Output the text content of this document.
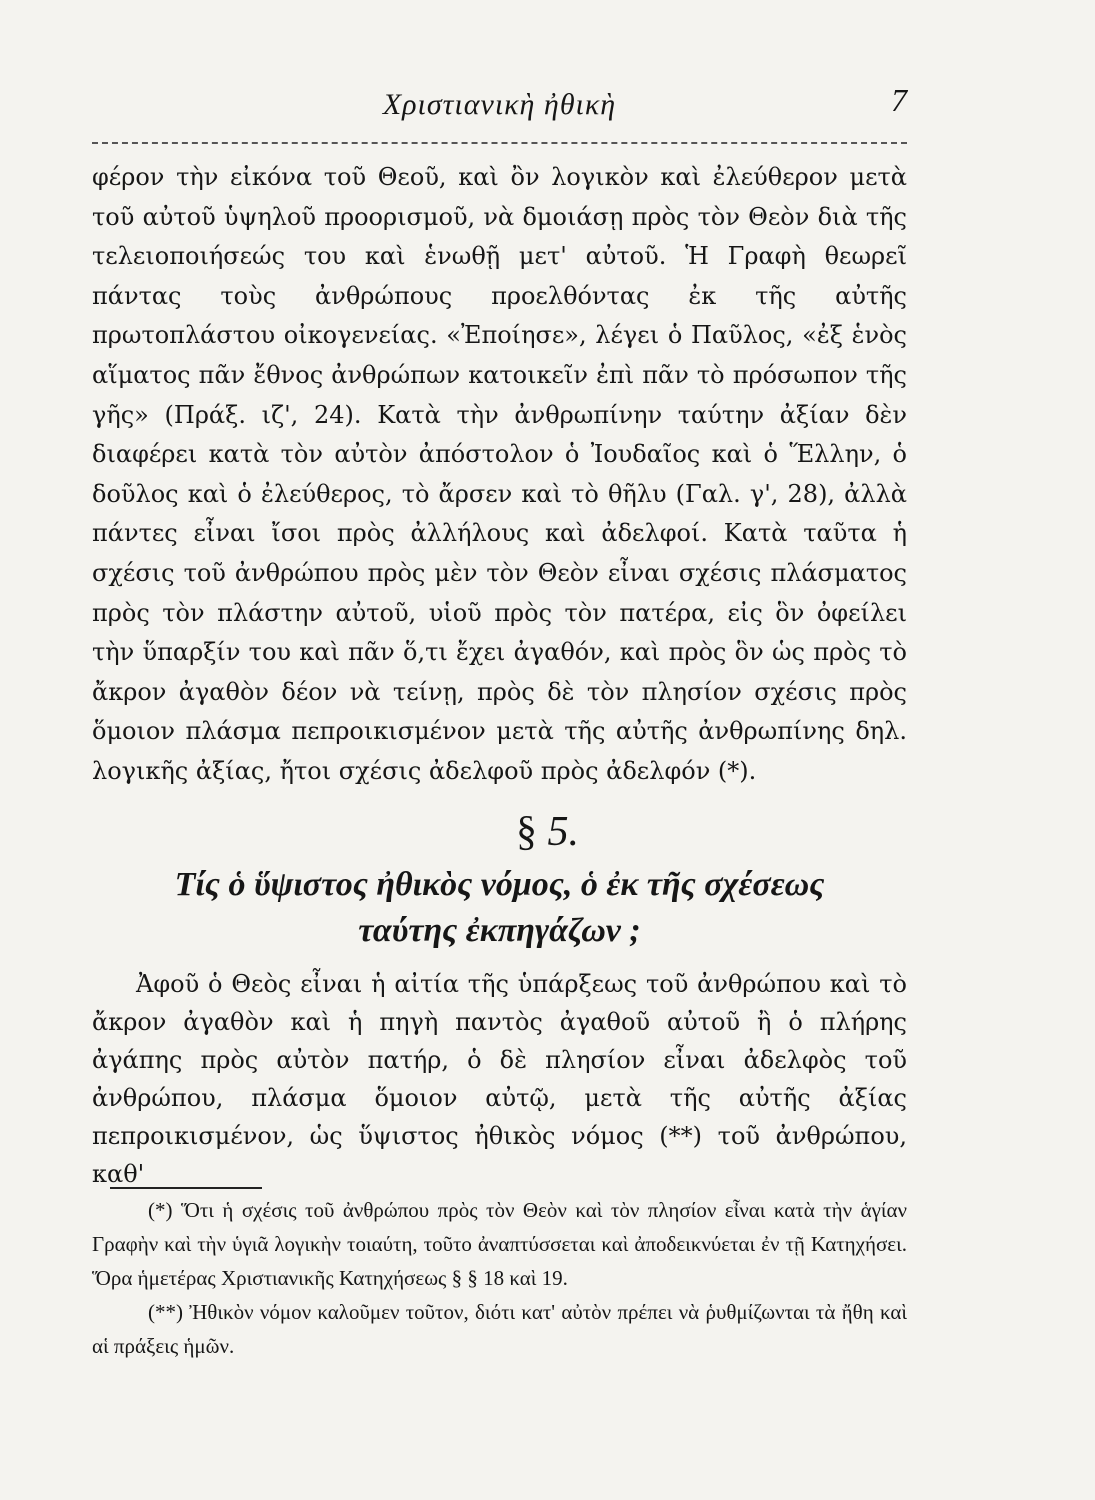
Χριστιανικὴ ἠθικὴ	7

φέρον τὴν εἰκόνα τοῦ Θεοῦ, καὶ ὂν λογικὸν καὶ ἐλεύθερον μετὰ τοῦ αὐτοῦ ὑψηλοῦ προορισμοῦ, νὰ δμοιάσῃ πρὸς τὸν Θεὸν διὰ τῆς τελειοποιήσεώς του καὶ ἑνωθῇ μετ' αὐτοῦ. Ἡ Γραφὴ θεωρεῖ πάντας τοὺς ἀνθρώπους προελθόντας ἐκ τῆς αὐτῆς πρωτοπλάστου οἰκογενείας. «Ἐποίησε», λέγει ὁ Παῦλος, «ἐξ ἑνὸς αἵματος πᾶν ἔθνος ἀνθρώπων κατοικεῖν ἐπὶ πᾶν τὸ πρόσωπον τῆς γῆς» (Πράξ. ιζ', 24). Κατὰ τὴν ἀνθρωπίνην ταύτην ἀξίαν δὲν διαφέρει κατὰ τὸν αὐτὸν ἀπόστολον ὁ Ἰουδαῖος καὶ ὁ Ἕλλην, ὁ δοῦλος καὶ ὁ ἐλεύθερος, τὸ ἄρσεν καὶ τὸ θῆλυ (Γαλ. γ', 28), ἀλλὰ πάντες εἶναι ἴσοι πρὸς ἀλλήλους καὶ ἀδελφοί. Κατὰ ταῦτα ἡ σχέσις τοῦ ἀνθρώπου πρὸς μὲν τὸν Θεὸν εἶναι σχέσις πλάσματος πρὸς τὸν πλάστην αὐτοῦ, υἱοῦ πρὸς τὸν πατέρα, εἰς ὃν ὀφείλει τὴν ὕπαρξίν του καὶ πᾶν ὅ,τι ἔχει ἀγαθόν, καὶ πρὸς ὃν ὡς πρὸς τὸ ἄκρον ἀγαθὸν δέον νὰ τείνῃ, πρὸς δὲ τὸν πλησίον σχέσις πρὸς ὅμοιον πλάσμα πεπροικισμένον μετὰ τῆς αὐτῆς ἀνθρωπίνης δηλ. λογικῆς ἀξίας, ἤτοι σχέσις ἀδελφοῦ πρὸς ἀδελφόν (*).

§ 5.
Τίς ὁ ὕψιστος ἠθικὸς νόμος, ὁ ἐκ τῆς σχέσεως
ταύτης ἐκπηγάζων ;

Ἀφοῦ ὁ Θεὸς εἶναι ἡ αἰτία τῆς ὑπάρξεως τοῦ ἀνθρώπου καὶ τὸ ἄκρον ἀγαθὸν καὶ ἡ πηγὴ παντὸς ἀγαθοῦ αὐτοῦ ἢ ὁ πλήρης ἀγάπης πρὸς αὐτὸν πατήρ, ὁ δὲ πλησίον εἶναι ἀδελφὸς τοῦ ἀνθρώπου, πλάσμα ὅμοιον αὐτῷ, μετὰ τῆς αὐτῆς ἀξίας πεπροικισμένον, ὡς ὕψιστος ἠθικὸς νόμος (**) τοῦ ἀνθρώπου, καθ'

(*) Ὅτι ἡ σχέσις τοῦ ἀνθρώπου πρὸς τὸν Θεὸν καὶ τὸν πλησίον εἶναι κατὰ τὴν ἁγίαν Γραφὴν καὶ τὴν ὑγιᾶ λογικὴν τοιαύτη, τοῦτο ἀναπτύσσεται καὶ ἀποδεικνύεται ἐν τῇ Κατηχήσει. Ὅρα ἡμετέρας Χριστιανικῆς Κατηχήσεως § § 18 καὶ 19.

(**) Ἠθικὸν νόμον καλοῦμεν τοῦτον, διότι κατ' αὐτὸν πρέπει νὰ ῥυθμίζωνται τὰ ἤθη καὶ αἱ πράξεις ἡμῶν.
